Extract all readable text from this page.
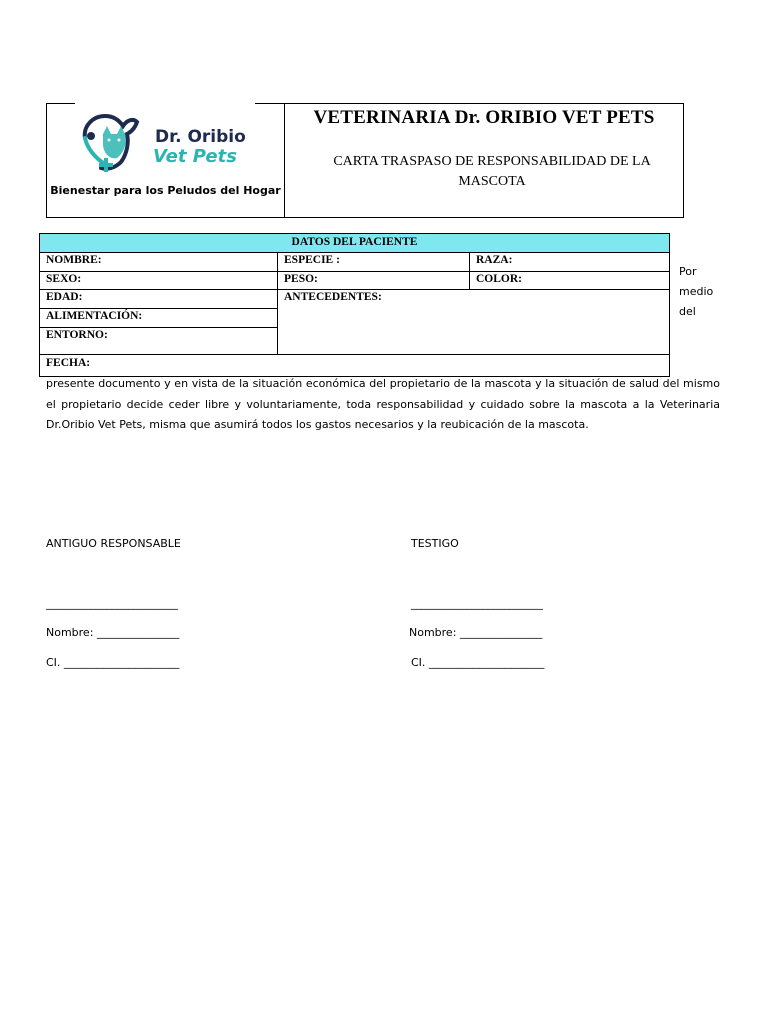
Dr. Oribio
Vet Pets
Bienestar para los Peludos del Hogar
VETERINARIA Dr. ORIBIO VET PETS
CARTA TRASPASO DE RESPONSABILIDAD DE LA MASCOTA
DATOS DEL PACIENTE
NOMBRE:	ESPECIE :	RAZA:
SEXO:	PESO:	COLOR:
EDAD:	ANTECEDENTES:
ALIMENTACIÓN:
ENTORNO:
FECHA:
Por
medio
del
presente documento y en vista de la situación económica del propietario de la mascota y la situación de salud del mismo
el propietario decide ceder libre y voluntariamente, toda responsabilidad y cuidado sobre la mascota a la Veterinaria
Dr.Oribio Vet Pets, misma que asumirá todos los gastos necesarios y la reubicación de la mascota.
ANTIGUO RESPONSABLE	TESTIGO
________________________	________________________
Nombre: _______________	Nombre: _______________
CI. _____________________	CI. _____________________
